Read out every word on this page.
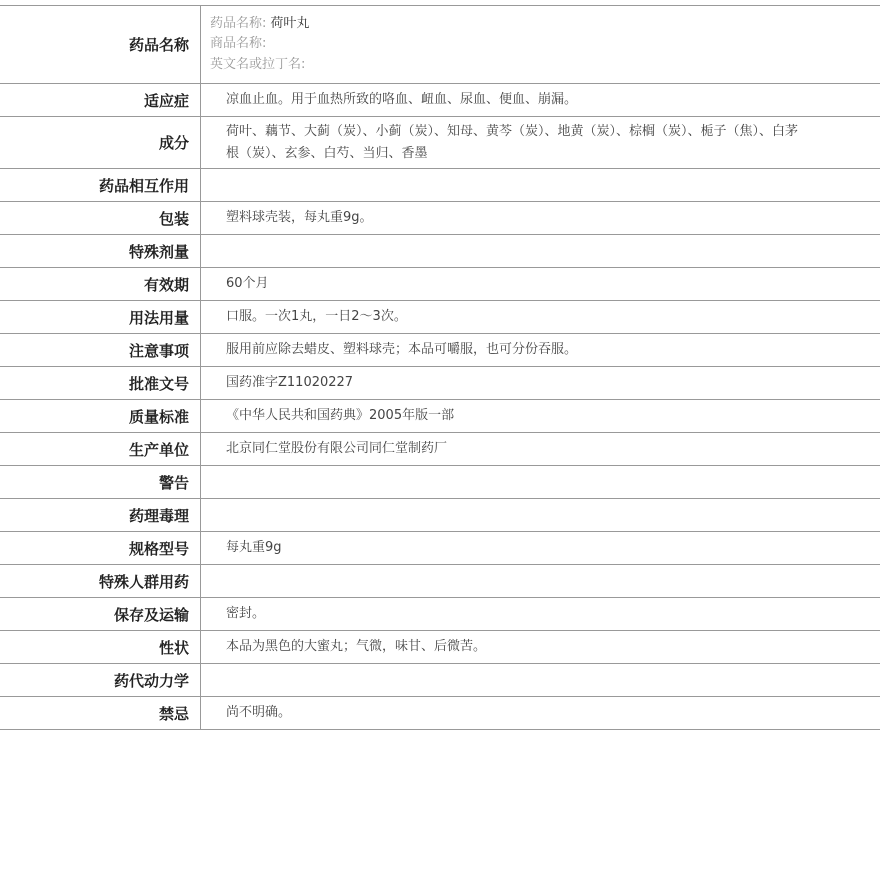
药品名称	药品名称: 荷叶丸
商品名称:
英文名或拉丁名:

适应症	凉血止血。用于血热所致的咯血、衄血、尿血、便血、崩漏。
成分	荷叶、藕节、大蓟（炭）、小蓟（炭）、知母、黄芩（炭）、地黄（炭）、棕榈（炭）、栀子（焦）、白茅根（炭）、玄参、白芍、当归、香墨
药品相互作用	
包装	塑料球壳装，每丸重9g。
特殊剂量	
有效期	60个月
用法用量	口服。一次1丸，一日2～3次。
注意事项	服用前应除去蜡皮、塑料球壳；本品可嚼服，也可分份吞服。
批准文号	国药准字Z11020227
质量标准	《中华人民共和国药典》2005年版一部
生产单位	北京同仁堂股份有限公司同仁堂制药厂
警告	
药理毒理	
规格型号	每丸重9g
特殊人群用药	
保存及运输	密封。
性状	本品为黑色的大蜜丸；气微，味甘、后微苦。
药代动力学	
禁忌	尚不明确。
